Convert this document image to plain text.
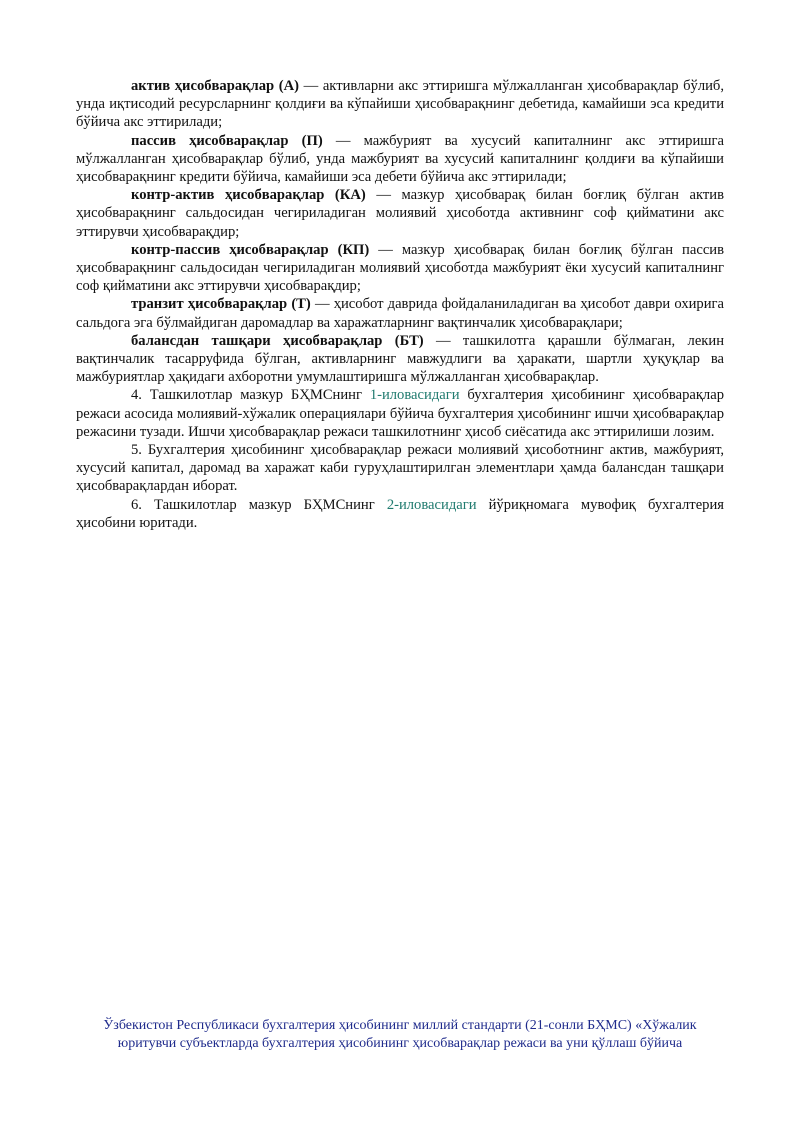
актив ҳисобварақлар (А) — активларни акс эттиришга мўлжалланган ҳисобварақлар бўлиб, унда иқтисодий ресурсларнинг қолдиғи ва кўпайиши ҳисобварақнинг дебетида, камайиши эса кредити бўйича акс эттирилади;

пассив ҳисобварақлар (П) — мажбурият ва хусусий капиталнинг акс эттиришга мўлжалланган ҳисобварақлар бўлиб, унда мажбурият ва хусусий капиталнинг қолдиғи ва кўпайиши ҳисобварақнинг кредити бўйича, камайиши эса дебети бўйича акс эттирилади;

контр-актив ҳисобварақлар (КА) — мазкур ҳисобварақ билан боғлиқ бўлган актив ҳисобварақнинг сальдосидан чегириладиган молиявий ҳисоботда активнинг соф қийматини акс эттирувчи ҳисобварақдир;

контр-пассив ҳисобварақлар (КП) — мазкур ҳисобварақ билан боғлиқ бўлган пассив ҳисобварақнинг сальдосидан чегириладиган молиявий ҳисоботда мажбурият ёки хусусий капиталнинг соф қийматини акс эттирувчи ҳисобварақдир;

транзит ҳисобварақлар (Т) — ҳисобот даврида фойдаланиладиган ва ҳисобот даври охирига сальдога эга бўлмайдиган даромадлар ва харажатларнинг вақтинчалик ҳисобварақлари;

балансдан ташқари ҳисобварақлар (БТ) — ташкилотга қарашли бўлмаган, лекин вақтинчалик тасарруфида бўлган, активларнинг мавжудлиги ва ҳаракати, шартли ҳуқуқлар ва мажбуриятлар ҳақидаги ахборотни умумлаштиришга мўлжалланган ҳисобварақлар.

4. Ташкилотлар мазкур БҲМСнинг 1-иловасидаги бухгалтерия ҳисобининг ҳисобварақлар режаси асосида молиявий-хўжалик операциялари бўйича бухгалтерия ҳисобининг ишчи ҳисобварақлар режасини тузади. Ишчи ҳисобварақлар режаси ташкилотнинг ҳисоб сиёсатида акс эттирилиши лозим.

5. Бухгалтерия ҳисобининг ҳисобварақлар режаси молиявий ҳисоботнинг актив, мажбурият, хусусий капитал, даромад ва харажат каби гуруҳлаштирилган элементлари ҳамда балансдан ташқари ҳисобварақлардан иборат.

6. Ташкилотлар мазкур БҲМСнинг 2-иловасидаги йўриқномага мувофиқ бухгалтерия ҳисобини юритади.

Ўзбекистон Республикаси бухгалтерия ҳисобининг миллий стандарти (21-сонли БҲМС) «Хўжалик
юритувчи субъектларда бухгалтерия ҳисобининг ҳисобварақлар режаси ва уни қўллаш бўйича
